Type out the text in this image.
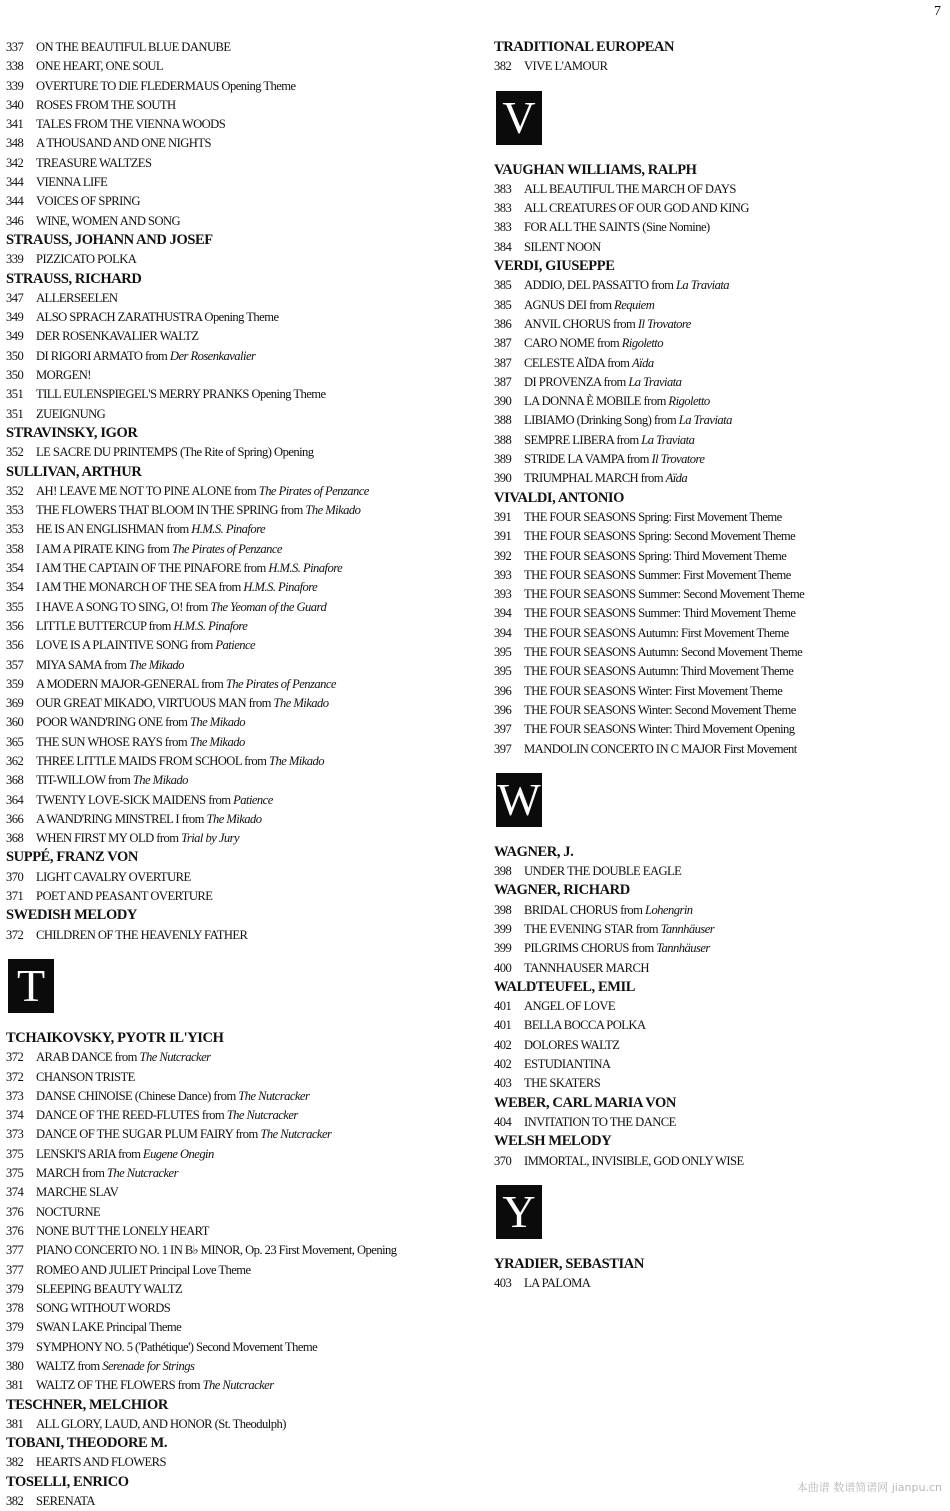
7
337 ON THE BEAUTIFUL BLUE DANUBE
338 ONE HEART, ONE SOUL
339 OVERTURE TO DIE FLEDERMAUS Opening Theme
340 ROSES FROM THE SOUTH
341 TALES FROM THE VIENNA WOODS
348 A THOUSAND AND ONE NIGHTS
342 TREASURE WALTZES
344 VIENNA LIFE
344 VOICES OF SPRING
346 WINE, WOMEN AND SONG
STRAUSS, JOHANN AND JOSEF
339 PIZZICATO POLKA
STRAUSS, RICHARD
347 ALLERSEELEN
349 ALSO SPRACH ZARATHUSTRA Opening Theme
349 DER ROSENKAVALIER WALTZ
350 DI RIGORI ARMATO from Der Rosenkavalier
350 MORGEN!
351 TILL EULENSPIEGEL'S MERRY PRANKS Opening Theme
351 ZUEIGNUNG
STRAVINSKY, IGOR
352 LE SACRE DU PRINTEMPS (The Rite of Spring) Opening
SULLIVAN, ARTHUR
352 AH! LEAVE ME NOT TO PINE ALONE from The Pirates of Penzance
353 THE FLOWERS THAT BLOOM IN THE SPRING from The Mikado
353 HE IS AN ENGLISHMAN from H.M.S. Pinafore
358 I AM A PIRATE KING from The Pirates of Penzance
354 I AM THE CAPTAIN OF THE PINAFORE from H.M.S. Pinafore
354 I AM THE MONARCH OF THE SEA from H.M.S. Pinafore
355 I HAVE A SONG TO SING, O! from The Yeoman of the Guard
356 LITTLE BUTTERCUP from H.M.S. Pinafore
356 LOVE IS A PLAINTIVE SONG from Patience
357 MIYA SAMA from The Mikado
359 A MODERN MAJOR-GENERAL from The Pirates of Penzance
369 OUR GREAT MIKADO, VIRTUOUS MAN from The Mikado
360 POOR WAND'RING ONE from The Mikado
365 THE SUN WHOSE RAYS from The Mikado
362 THREE LITTLE MAIDS FROM SCHOOL from The Mikado
368 TIT-WILLOW from The Mikado
364 TWENTY LOVE-SICK MAIDENS from Patience
366 A WAND'RING MINSTREL I from The Mikado
368 WHEN FIRST MY OLD from Trial by Jury
SUPPÉ, FRANZ VON
370 LIGHT CAVALRY OVERTURE
371 POET AND PEASANT OVERTURE
SWEDISH MELODY
372 CHILDREN OF THE HEAVENLY FATHER
T
TCHAIKOVSKY, PYOTR IL'YICH
372 ARAB DANCE from The Nutcracker
372 CHANSON TRISTE
373 DANSE CHINOISE (Chinese Dance) from The Nutcracker
374 DANCE OF THE REED-FLUTES from The Nutcracker
373 DANCE OF THE SUGAR PLUM FAIRY from The Nutcracker
375 LENSKI'S ARIA from Eugene Onegin
375 MARCH from The Nutcracker
374 MARCHE SLAV
376 NOCTURNE
376 NONE BUT THE LONELY HEART
377 PIANO CONCERTO NO. 1 IN B♭ MINOR, Op. 23 First Movement, Opening
377 ROMEO AND JULIET Principal Love Theme
379 SLEEPING BEAUTY WALTZ
378 SONG WITHOUT WORDS
379 SWAN LAKE Principal Theme
379 SYMPHONY NO. 5 ('Pathétique') Second Movement Theme
380 WALTZ from Serenade for Strings
381 WALTZ OF THE FLOWERS from The Nutcracker
TESCHNER, MELCHIOR
381 ALL GLORY, LAUD, AND HONOR (St. Theodulph)
TOBANI, THEODORE M.
382 HEARTS AND FLOWERS
TOSELLI, ENRICO
382 SERENATA
TRADITIONAL EUROPEAN
382 VIVE L'AMOUR
V
VAUGHAN WILLIAMS, RALPH
383 ALL BEAUTIFUL THE MARCH OF DAYS
383 ALL CREATURES OF OUR GOD AND KING
383 FOR ALL THE SAINTS (Sine Nomine)
384 SILENT NOON
VERDI, GIUSEPPE
385 ADDIO, DEL PASSATTO from La Traviata
385 AGNUS DEI from Requiem
386 ANVIL CHORUS from Il Trovatore
387 CARO NOME from Rigoletto
387 CELESTE AÏDA from Aïda
387 DI PROVENZA from La Traviata
390 LA DONNA È MOBILE from Rigoletto
388 LIBIAMO (Drinking Song) from La Traviata
388 SEMPRE LIBERA from La Traviata
389 STRIDE LA VAMPA from Il Trovatore
390 TRIUMPHAL MARCH from Aïda
VIVALDI, ANTONIO
391 THE FOUR SEASONS Spring: First Movement Theme
391 THE FOUR SEASONS Spring: Second Movement Theme
392 THE FOUR SEASONS Spring: Third Movement Theme
393 THE FOUR SEASONS Summer: First Movement Theme
393 THE FOUR SEASONS Summer: Second Movement Theme
394 THE FOUR SEASONS Summer: Third Movement Theme
394 THE FOUR SEASONS Autumn: First Movement Theme
395 THE FOUR SEASONS Autumn: Second Movement Theme
395 THE FOUR SEASONS Autumn: Third Movement Theme
396 THE FOUR SEASONS Winter: First Movement Theme
396 THE FOUR SEASONS Winter: Second Movement Theme
397 THE FOUR SEASONS Winter: Third Movement Opening
397 MANDOLIN CONCERTO IN C MAJOR First Movement
W
WAGNER, J.
398 UNDER THE DOUBLE EAGLE
WAGNER, RICHARD
398 BRIDAL CHORUS from Lohengrin
399 THE EVENING STAR from Tannhäuser
399 PILGRIMS CHORUS from Tannhäuser
400 TANNHAUSER MARCH
WALDTEUFEL, EMIL
401 ANGEL OF LOVE
401 BELLA BOCCA POLKA
402 DOLORES WALTZ
402 ESTUDIANTINA
403 THE SKATERS
WEBER, CARL MARIA VON
404 INVITATION TO THE DANCE
WELSH MELODY
370 IMMORTAL, INVISIBLE, GOD ONLY WISE
Y
YRADIER, SEBASTIAN
403 LA PALOMA
本曲谱 数谱简谱网 jianpu.cn
